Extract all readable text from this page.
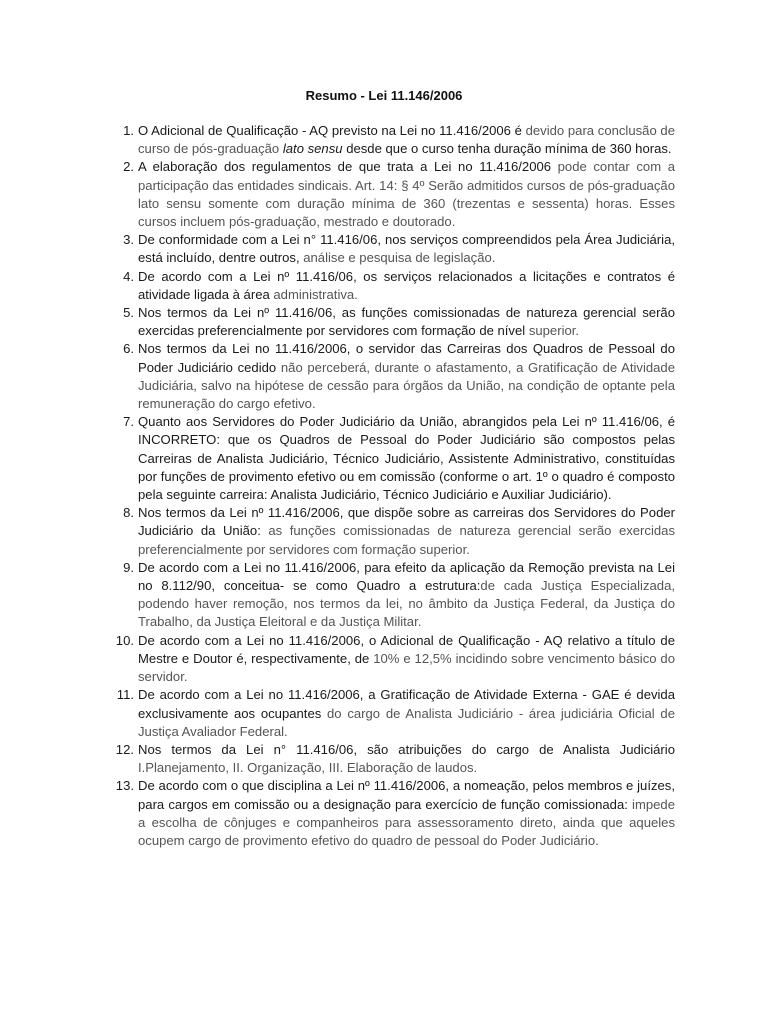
Resumo - Lei 11.146/2006
1. O Adicional de Qualificação - AQ previsto na Lei no 11.416/2006 é devido para conclusão de curso de pós-graduação lato sensu desde que o curso tenha duração mínima de 360 horas.
2. A elaboração dos regulamentos de que trata a Lei no 11.416/2006 pode contar com a participação das entidades sindicais. Art. 14: § 4º Serão admitidos cursos de pós-graduação lato sensu somente com duração mínima de 360 (trezentas e sessenta) horas. Esses cursos incluem pós-graduação, mestrado e doutorado.
3. De conformidade com a Lei n° 11.416/06, nos serviços compreendidos pela Área Judiciária, está incluído, dentre outros, análise e pesquisa de legislação.
4. De acordo com a Lei nº 11.416/06, os serviços relacionados a licitações e contratos é atividade ligada à área administrativa.
5. Nos termos da Lei nº 11.416/06, as funções comissionadas de natureza gerencial serão exercidas preferencialmente por servidores com formação de nível superior.
6. Nos termos da Lei no 11.416/2006, o servidor das Carreiras dos Quadros de Pessoal do Poder Judiciário cedido não perceberá, durante o afastamento, a Gratificação de Atividade Judiciária, salvo na hipótese de cessão para órgãos da União, na condição de optante pela remuneração do cargo efetivo.
7. Quanto aos Servidores do Poder Judiciário da União, abrangidos pela Lei nº 11.416/06, é INCORRETO: que os Quadros de Pessoal do Poder Judiciário são compostos pelas Carreiras de Analista Judiciário, Técnico Judiciário, Assistente Administrativo, constituídas por funções de provimento efetivo ou em comissão (conforme o art. 1º o quadro é composto pela seguinte carreira: Analista Judiciário, Técnico Judiciário e Auxiliar Judiciário).
8. Nos termos da Lei nº 11.416/2006, que dispõe sobre as carreiras dos Servidores do Poder Judiciário da União: as funções comissionadas de natureza gerencial serão exercidas preferencialmente por servidores com formação superior.
9. De acordo com a Lei no 11.416/2006, para efeito da aplicação da Remoção prevista na Lei no 8.112/90, conceitua- se como Quadro a estrutura:de cada Justiça Especializada, podendo haver remoção, nos termos da lei, no âmbito da Justiça Federal, da Justiça do Trabalho, da Justiça Eleitoral e da Justiça Militar.
10. De acordo com a Lei no 11.416/2006, o Adicional de Qualificação - AQ relativo a título de Mestre e Doutor é, respectivamente, de 10% e 12,5% incidindo sobre vencimento básico do servidor.
11. De acordo com a Lei no 11.416/2006, a Gratificação de Atividade Externa - GAE é devida exclusivamente aos ocupantes do cargo de Analista Judiciário - área judiciária Oficial de Justiça Avaliador Federal.
12. Nos termos da Lei n° 11.416/06, são atribuições do cargo de Analista Judiciário I.Planejamento, II. Organização, III. Elaboração de laudos.
13. De acordo com o que disciplina a Lei nº 11.416/2006, a nomeação, pelos membros e juízes, para cargos em comissão ou a designação para exercício de função comissionada: impede a escolha de cônjuges e companheiros para assessoramento direto, ainda que aqueles ocupem cargo de provimento efetivo do quadro de pessoal do Poder Judiciário.
